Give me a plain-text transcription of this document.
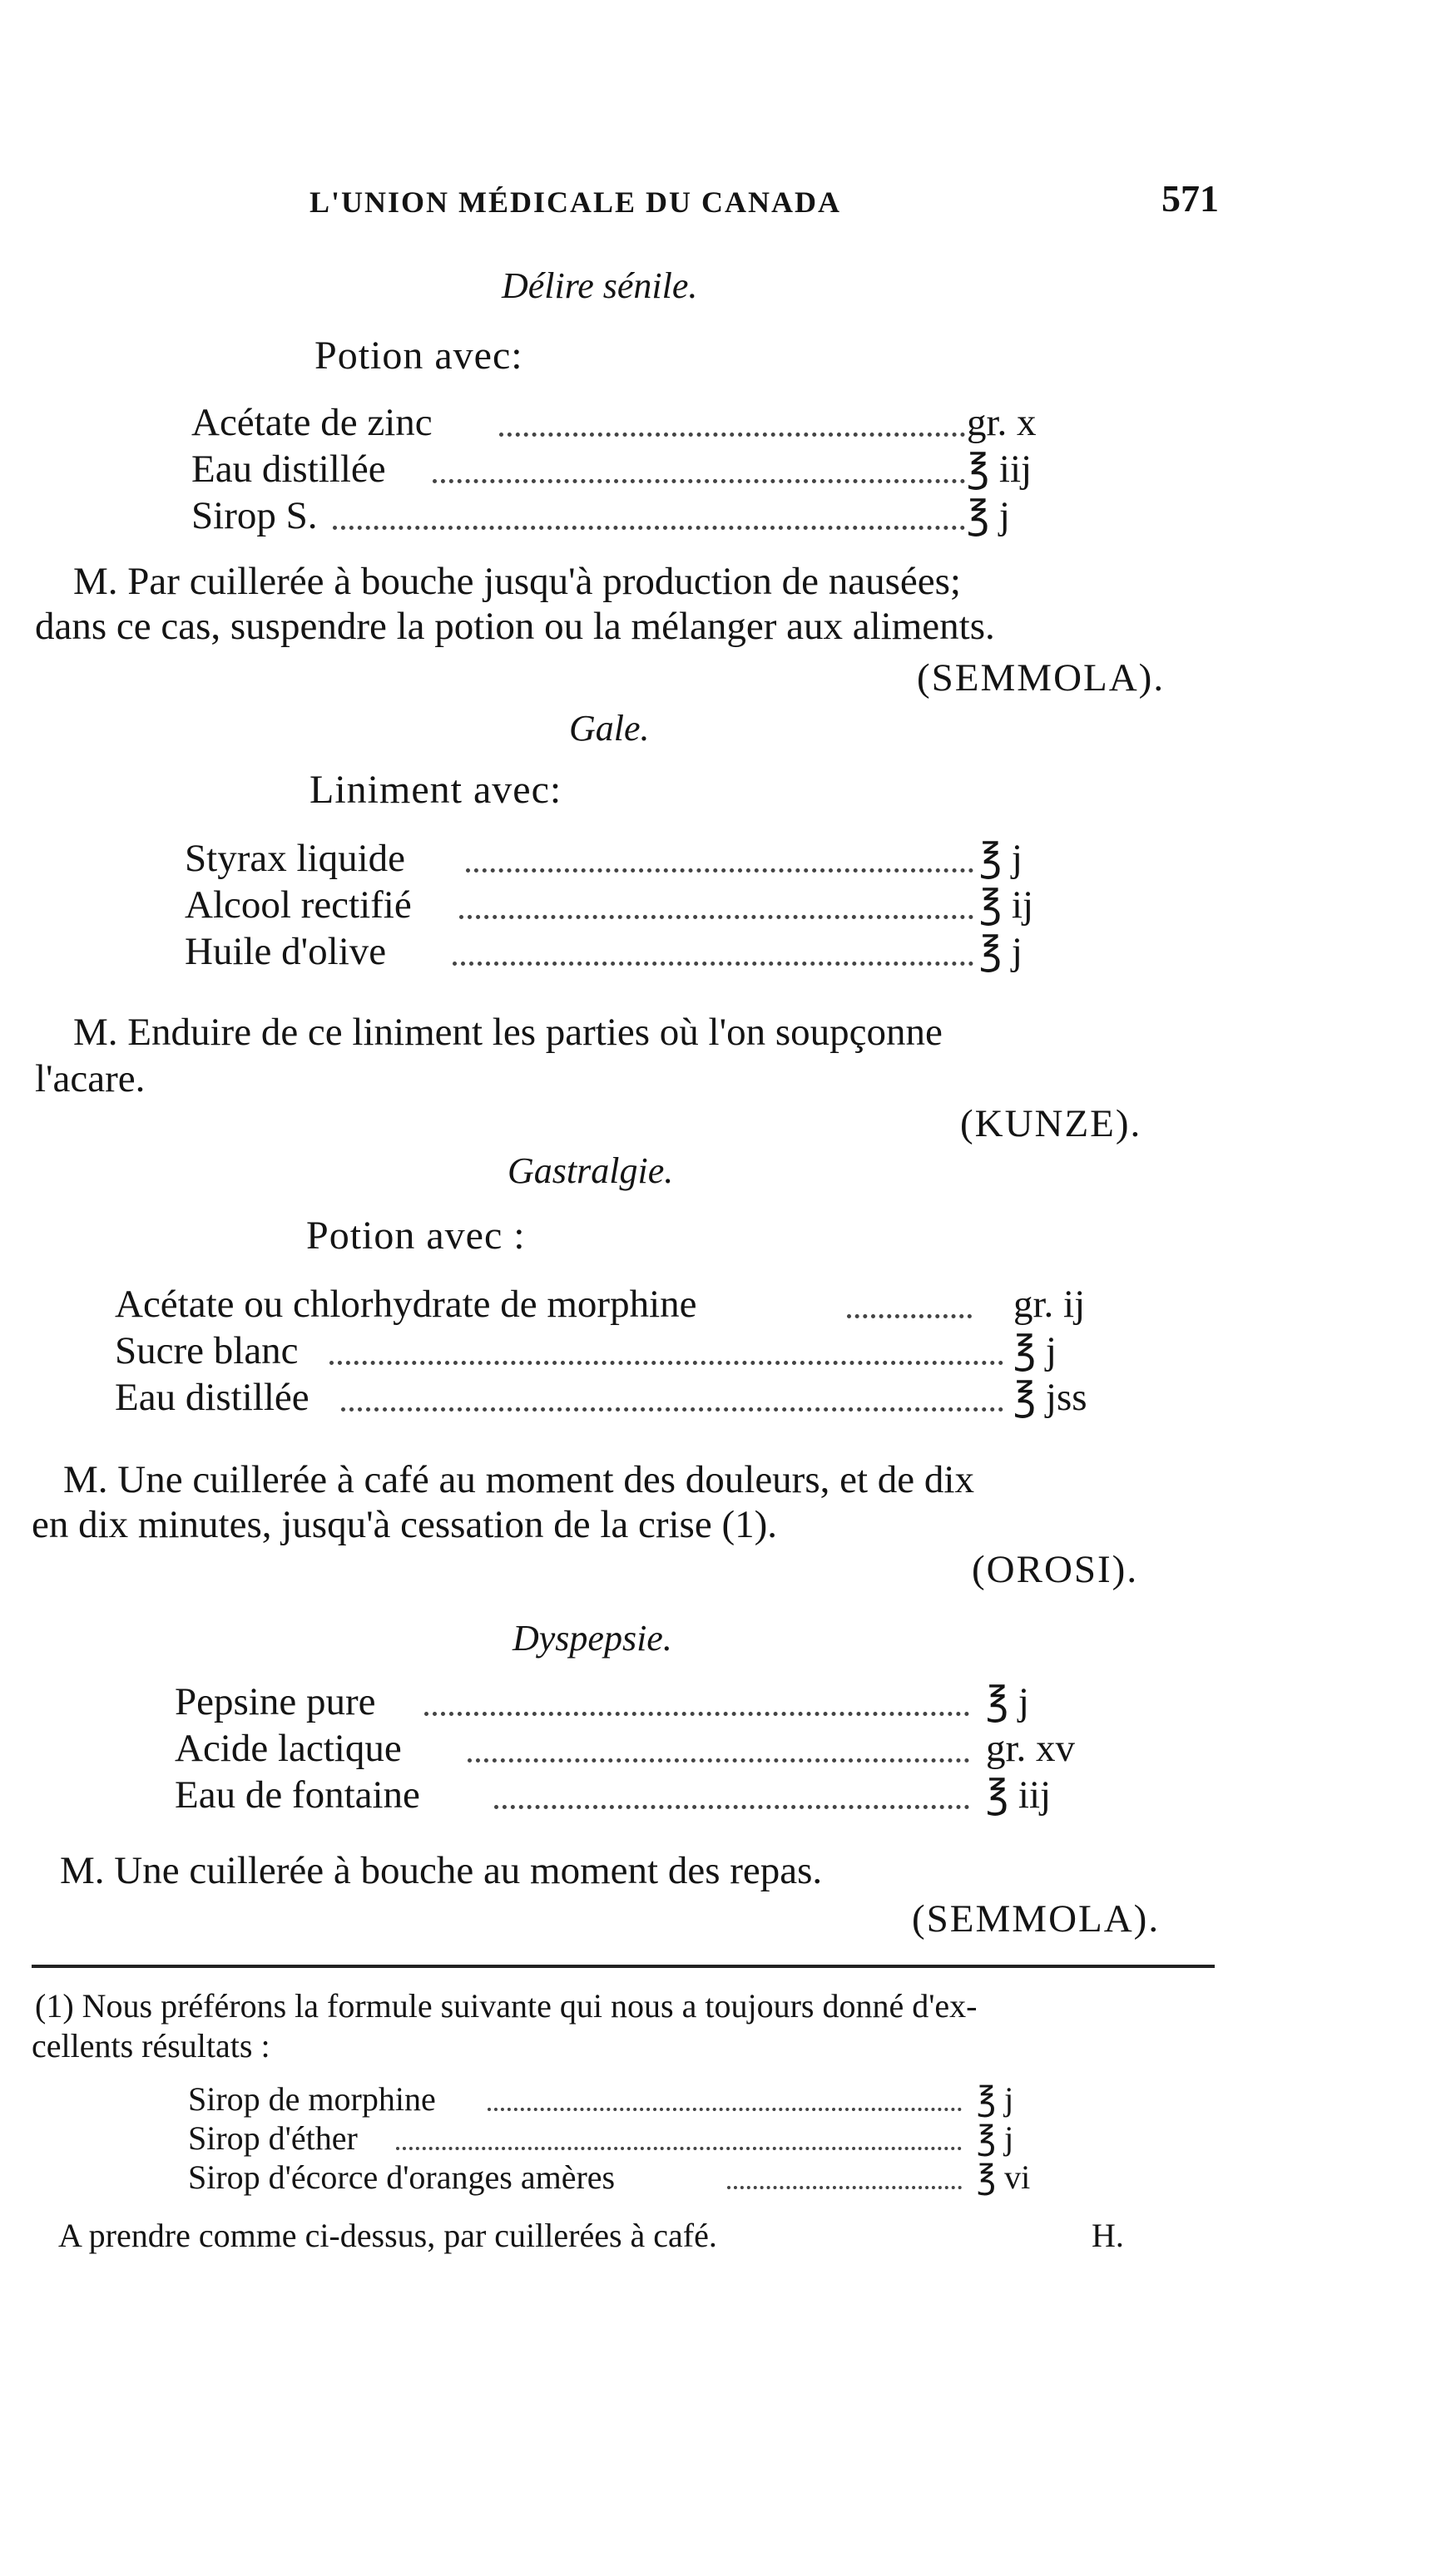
L'UNION MÉDICALE DU CANADA	571
Délire sénile.
Potion avec:
Acétate de zinc	gr. x
Eau distillée	℥ iij
Sirop S.	℥ j
M. Par cuillerée à bouche jusqu'à production de nausées;
dans ce cas, suspendre la potion ou la mélanger aux aliments.
(SEMMOLA).
Gale.
Liniment avec:
Styrax liquide	℥ j
Alcool rectifié	℥ ij
Huile d'olive	℥ j
M. Enduire de ce liniment les parties où l'on soupçonne
l'acare.
(KUNZE).
Gastralgie.
Potion avec :
Acétate ou chlorhydrate de morphine	gr. ij
Sucre blanc	℥ j
Eau distillée	℥ jss
M. Une cuillerée à café au moment des douleurs, et de dix
en dix minutes, jusqu'à cessation de la crise (1).
(OROSI).
Dyspepsie.
Pepsine pure	℥ j
Acide lactique	gr. xv
Eau de fontaine	℥ iij
M. Une cuillerée à bouche au moment des repas.
(SEMMOLA).
(1) Nous préférons la formule suivante qui nous a toujours donné d'ex-
cellents résultats :
Sirop de morphine	℥ j
Sirop d'éther	℥ j
Sirop d'écorce d'oranges amères	℥ vi
A prendre comme ci-dessus, par cuillerées à café.	H.
